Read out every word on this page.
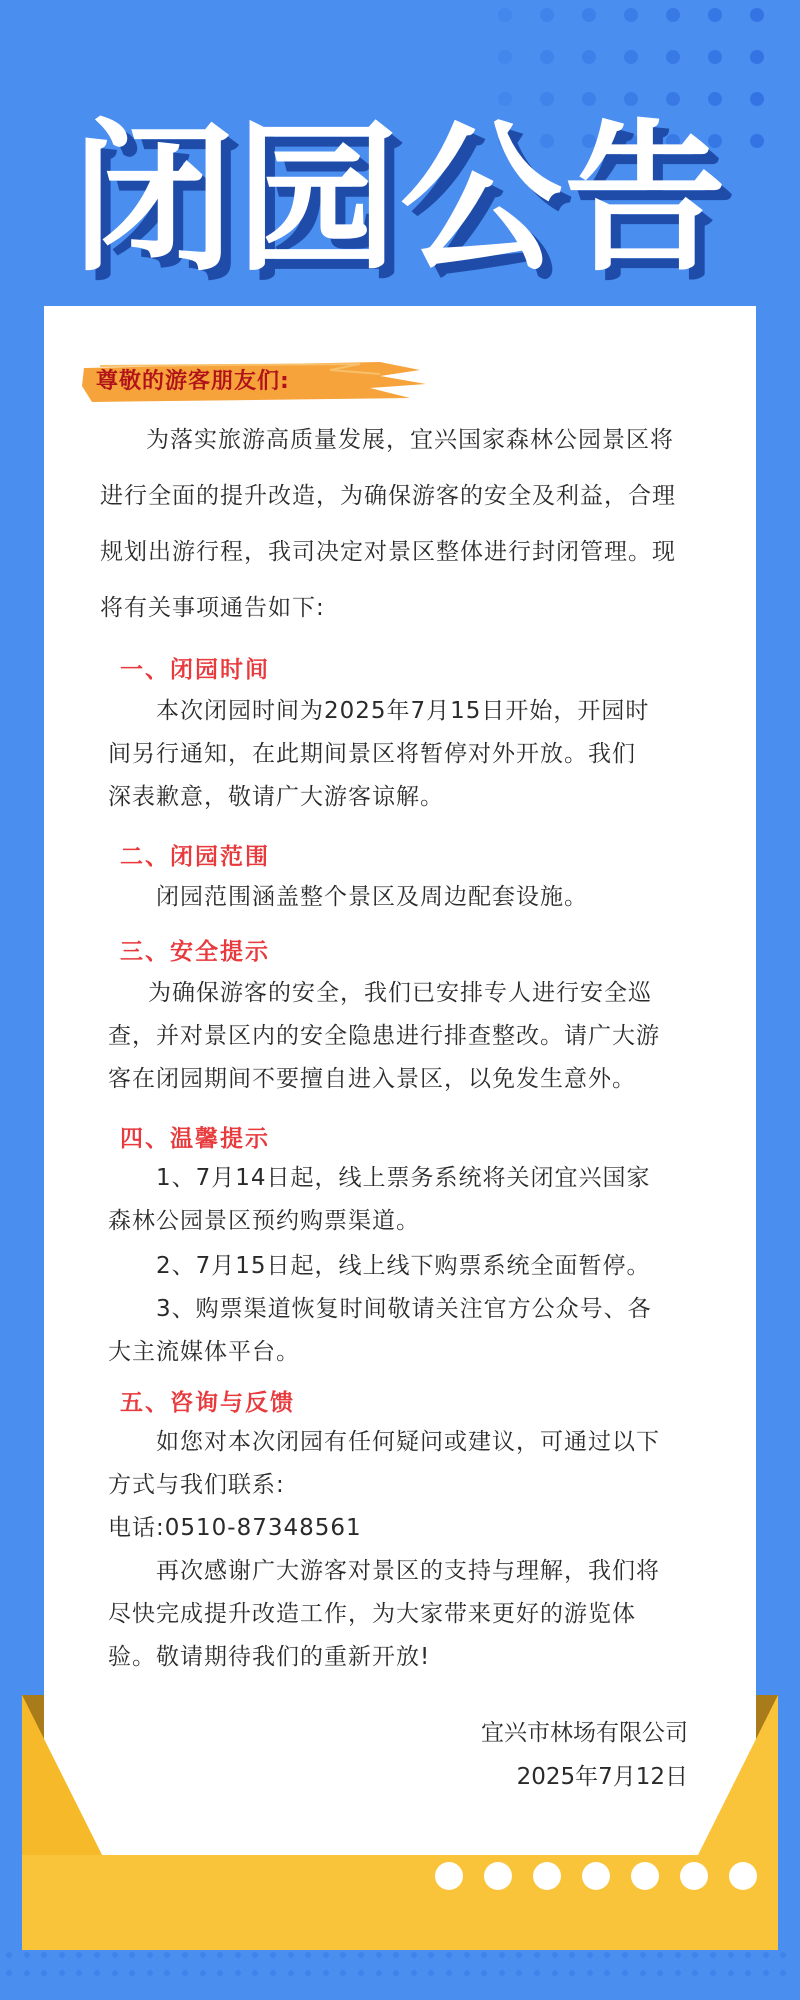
闭园公告
尊敬的游客朋友们:
为落实旅游高质量发展，宜兴国家森林公园景区将
进行全面的提升改造，为确保游客的安全及利益，合理
规划出游行程，我司决定对景区整体进行封闭管理。现
将有关事项通告如下:
一、闭园时间
本次闭园时间为2025年7月15日开始，开园时
间另行通知，在此期间景区将暂停对外开放。我们
深表歉意，敬请广大游客谅解。
二、闭园范围
闭园范围涵盖整个景区及周边配套设施。
三、安全提示
为确保游客的安全，我们已安排专人进行安全巡
查，并对景区内的安全隐患进行排查整改。请广大游
客在闭园期间不要擅自进入景区，以免发生意外。
四、温馨提示
1、7月14日起，线上票务系统将关闭宜兴国家
森林公园景区预约购票渠道。
2、7月15日起，线上线下购票系统全面暂停。
3、购票渠道恢复时间敬请关注官方公众号、各
大主流媒体平台。
五、咨询与反馈
如您对本次闭园有任何疑问或建议，可通过以下
方式与我们联系:
电话:0510-87348561
再次感谢广大游客对景区的支持与理解，我们将
尽快完成提升改造工作，为大家带来更好的游览体
验。敬请期待我们的重新开放!
宜兴市林场有限公司
2025年7月12日
